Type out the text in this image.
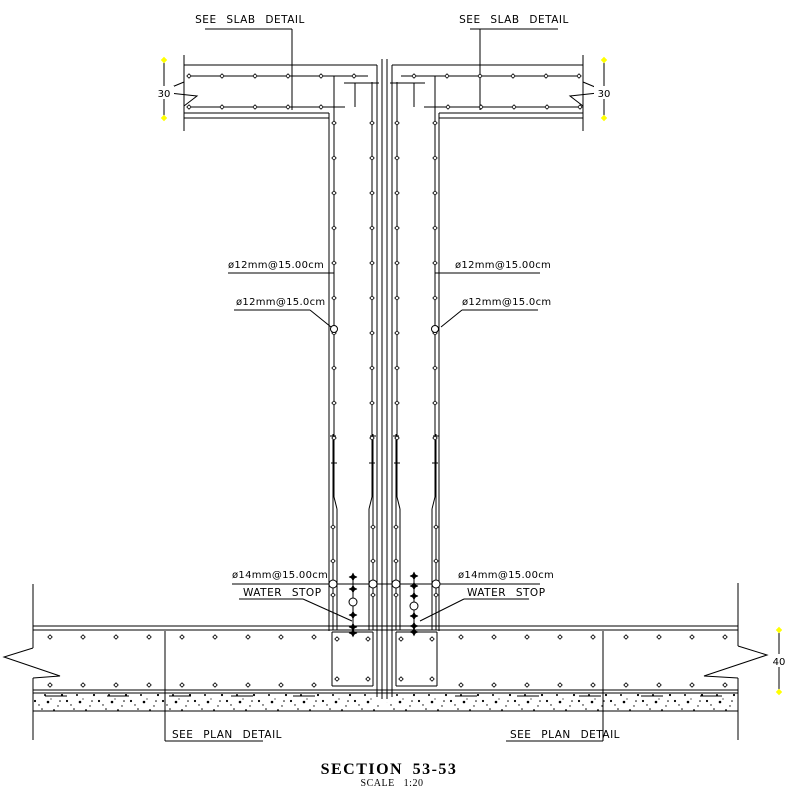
SEE SLAB DETAIL	SEE SLAB DETAIL
30	30
40
ø12mm@15.00cm	ø12mm@15.00cm
ø12mm@15.0cm	ø12mm@15.0cm
ø14mm@15.00cm	ø14mm@15.00cm
WATER STOP	WATER STOP
SEE PLAN DETAIL	SEE PLAN DETAIL
SECTION 53-53
SCALE 1:20
